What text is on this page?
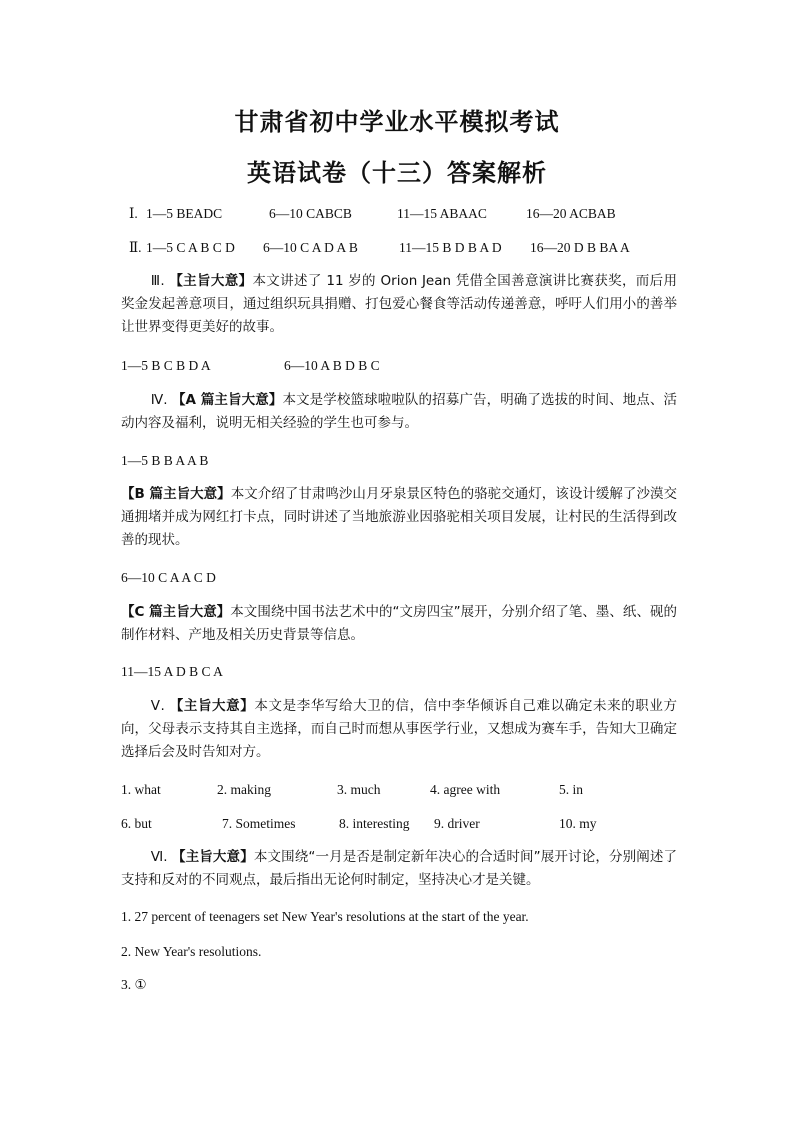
甘肃省初中学业水平模拟考试
英语试卷（十三）答案解析
Ⅰ. 1—5 BEADC	6—10 CABCB	11—15 ABAAC	16—20 ACBAB
Ⅱ. 1—5 C A B C D 6—10 C A D A B	11—15 B D B A D 16—20 D B BA A
Ⅲ. 【主旨大意】本文讲述了 11 岁的 Orion Jean 凭借全国善意演讲比赛获奖，而后用奖金发起善意项目，通过组织玩具捐赠、打包爱心餐食等活动传递善意，呼吁人们用小的善举让世界变得更美好的故事。
1—5 B C B D A	6—10 A B D B C
Ⅳ. 【A 篇主旨大意】本文是学校篮球啦啦队的招募广告，明确了选拔的时间、地点、活动内容及福利，说明无相关经验的学生也可参与。
1—5 B B A A B
【B 篇主旨大意】本文介绍了甘肃鸣沙山月牙泉景区特色的骆驼交通灯，该设计缓解了沙漠交通拥堵并成为网红打卡点，同时讲述了当地旅游业因骆驼相关项目发展，让村民的生活得到改善的现状。
6—10 C A A C D
【C 篇主旨大意】本文围绕中国书法艺术中的“文房四宝”展开，分别介绍了笔、墨、纸、砚的制作材料、产地及相关历史背景等信息。
11—15 A D B C A
Ⅴ. 【主旨大意】本文是李华写给大卫的信，信中李华倾诉自己难以确定未来的职业方向，父母表示支持其自主选择，而自己时而想从事医学行业，又想成为赛车手，告知大卫确定选择后会及时告知对方。
1. what	2. making	3. much	4. agree with	5. in
6. but	7. Sometimes	8. interesting 9. driver	10. my
Ⅵ. 【主旨大意】本文围绕“一月是否是制定新年决心的合适时间”展开讨论，分别阐述了支持和反对的不同观点，最后指出无论何时制定，坚持决心才是关键。
1. 27 percent of teenagers set New Year's resolutions at the start of the year.
2. New Year's resolutions.
3. ①
